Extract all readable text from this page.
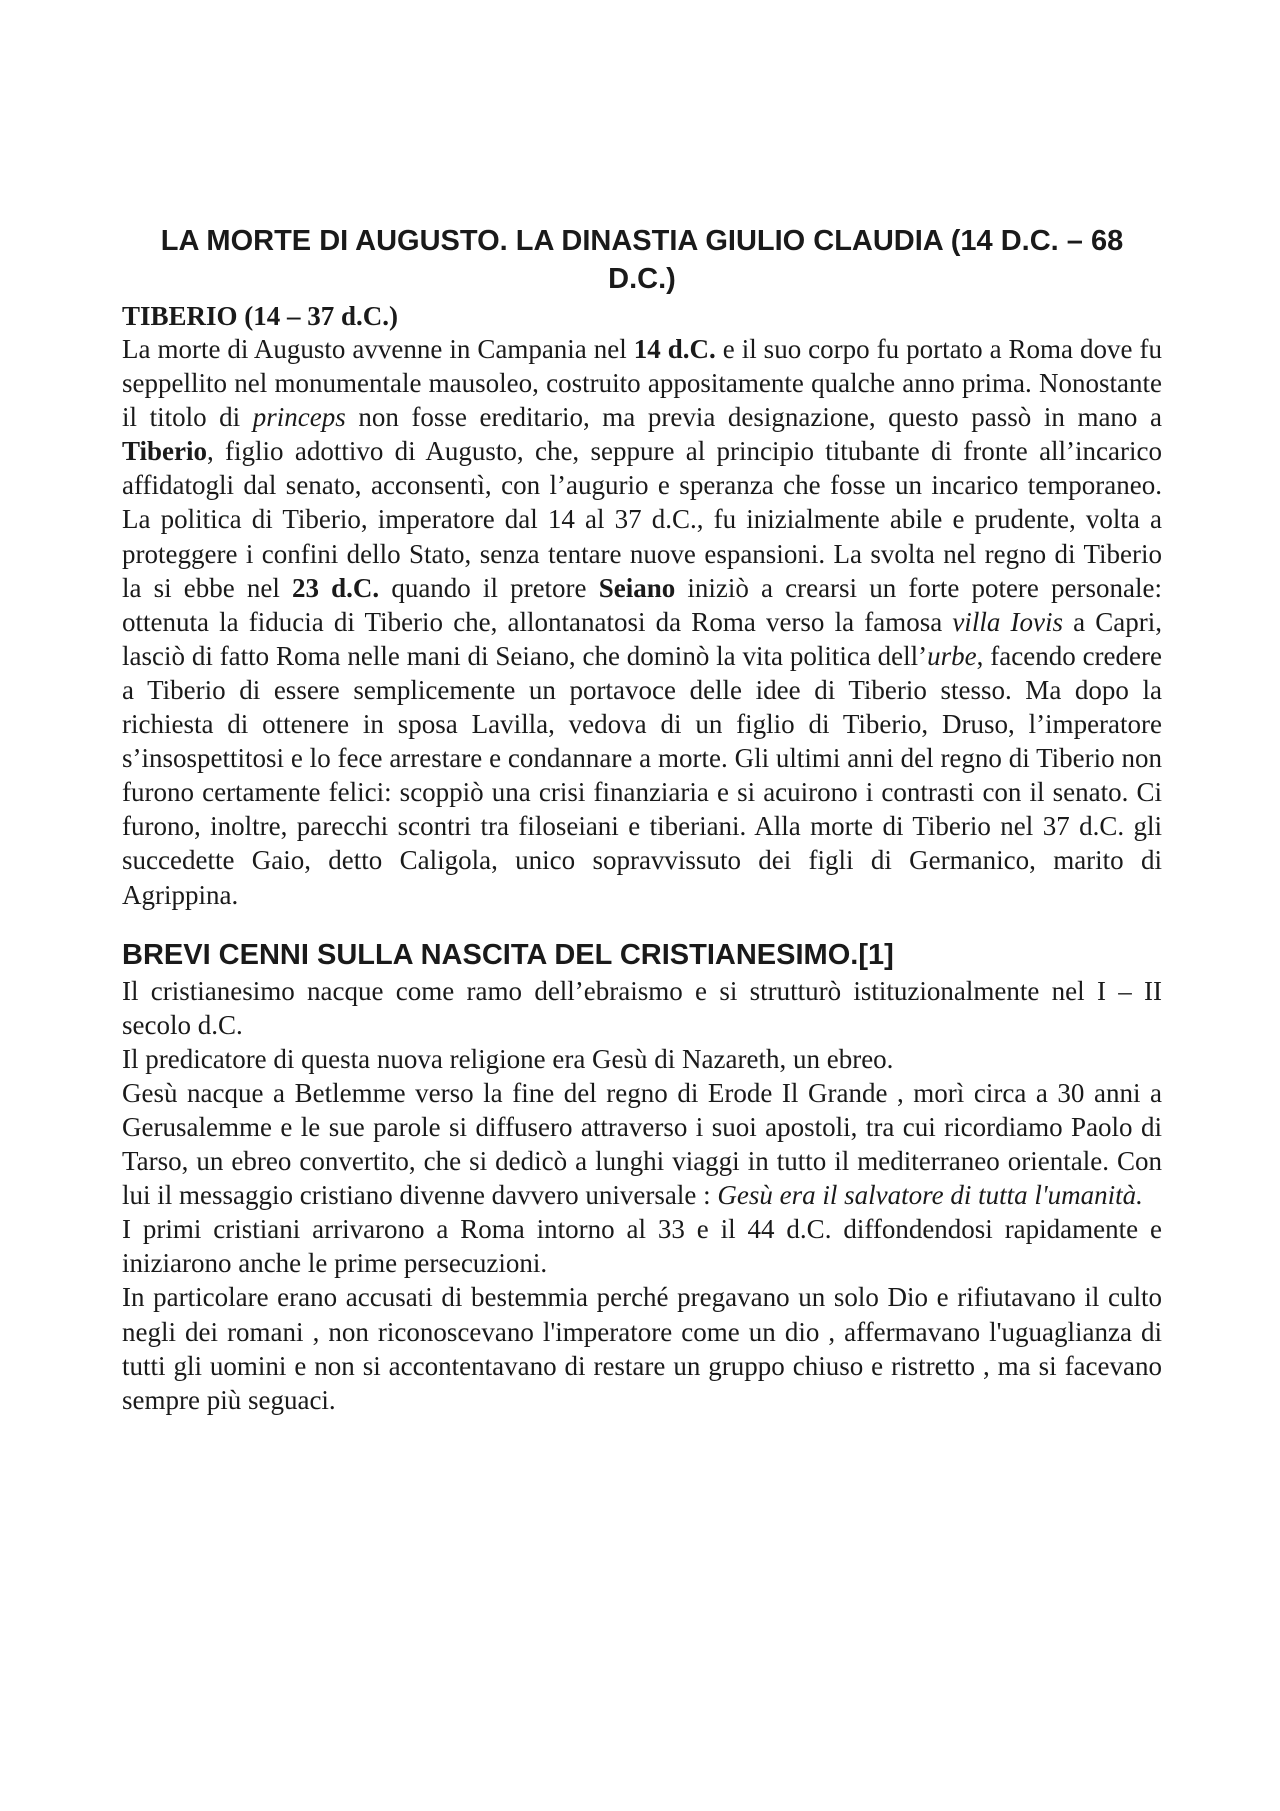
LA MORTE DI AUGUSTO. LA DINASTIA GIULIO CLAUDIA (14 D.C. – 68 D.C.)
TIBERIO (14 – 37 d.C.)

La morte di Augusto avvenne in Campania nel 14 d.C. e il suo corpo fu portato a Roma dove fu seppellito nel monumentale mausoleo, costruito appositamente qualche anno prima. Nonostante il titolo di princeps non fosse ereditario, ma previa designazione, questo passò in mano a Tiberio, figlio adottivo di Augusto, che, seppure al principio titubante di fronte all’incarico affidatogli dal senato, acconsentì, con l’augurio e speranza che fosse un incarico temporaneo. La politica di Tiberio, imperatore dal 14 al 37 d.C., fu inizialmente abile e prudente, volta a proteggere i confini dello Stato, senza tentare nuove espansioni. La svolta nel regno di Tiberio la si ebbe nel 23 d.C. quando il pretore Seiano iniziò a crearsi un forte potere personale: ottenuta la fiducia di Tiberio che, allontanatosi da Roma verso la famosa villa Iovis a Capri, lasciò di fatto Roma nelle mani di Seiano, che dominò la vita politica dell’urbe, facendo credere a Tiberio di essere semplicemente un portavoce delle idee di Tiberio stesso. Ma dopo la richiesta di ottenere in sposa Lavilla, vedova di un figlio di Tiberio, Druso, l’imperatore s’insospettitosi e lo fece arrestare e condannare a morte. Gli ultimi anni del regno di Tiberio non furono certamente felici: scoppiò una crisi finanziaria e si acuirono i contrasti con il senato. Ci furono, inoltre, parecchi scontri tra filoseiani e tiberiani. Alla morte di Tiberio nel 37 d.C. gli succedette Gaio, detto Caligola, unico sopravvissuto dei figli di Germanico, marito di Agrippina.

BREVI CENNI SULLA NASCITA DEL CRISTIANESIMO.[1]

Il cristianesimo nacque come ramo dell’ebraismo e si strutturò istituzionalmente nel I – II secolo d.C.

Il predicatore di questa nuova religione era Gesù di Nazareth, un ebreo.

Gesù nacque a Betlemme verso la fine del regno di Erode Il Grande , morì circa a 30 anni a Gerusalemme e le sue parole si diffusero attraverso i suoi apostoli, tra cui ricordiamo Paolo di Tarso, un ebreo convertito, che si dedicò a lunghi viaggi in tutto il mediterraneo orientale. Con lui il messaggio cristiano divenne davvero universale : Gesù era il salvatore di tutta l'umanità.

I primi cristiani arrivarono a Roma intorno al 33 e il 44 d.C. diffondendosi rapidamente e iniziarono anche le prime persecuzioni.

In particolare erano accusati di bestemmia perché pregavano un solo Dio e rifiutavano il culto negli dei romani , non riconoscevano l'imperatore come un dio , affermavano l'uguaglianza di tutti gli uomini e non si accontentavano di restare un gruppo chiuso e ristretto , ma si facevano sempre più seguaci.
